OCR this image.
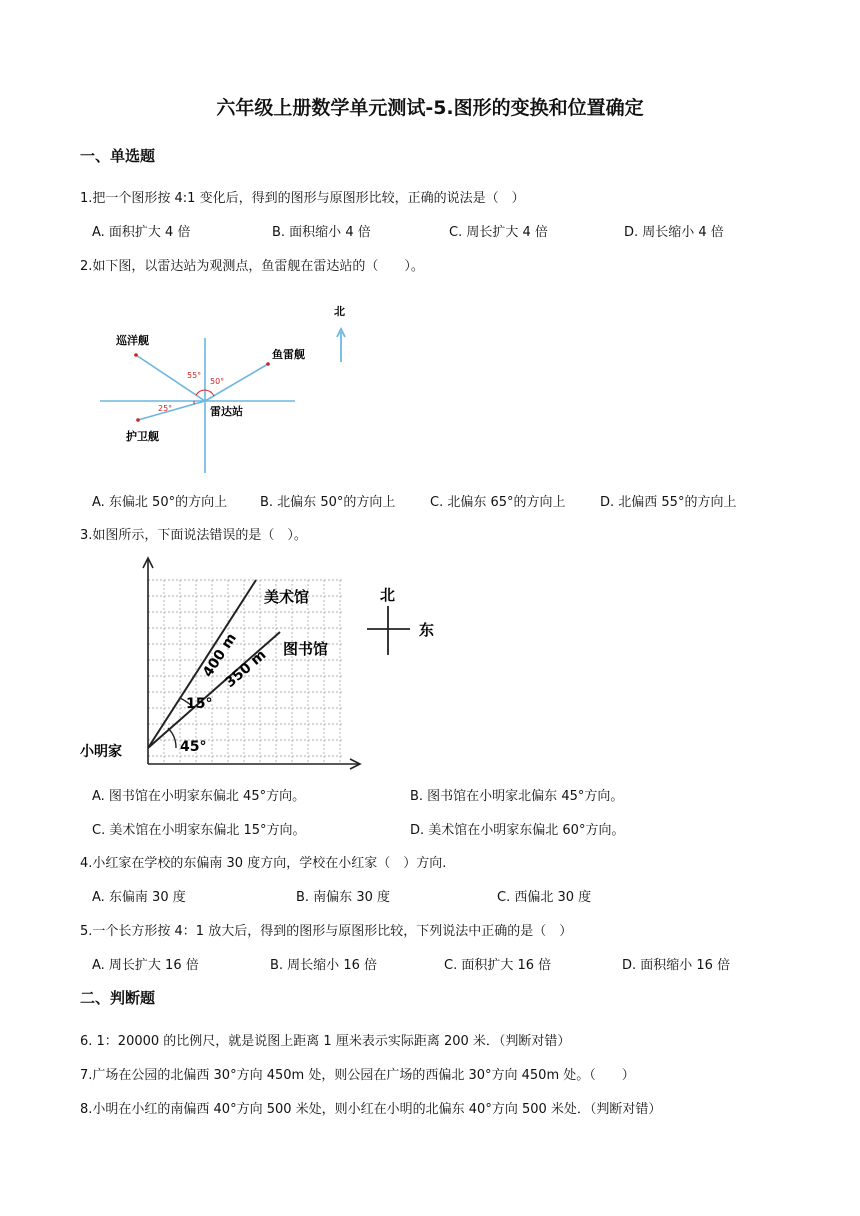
六年级上册数学单元测试-5.图形的变换和位置确定
一、单选题
1.把一个图形按 4:1 变化后，得到的图形与原图形比较，正确的说法是（　）
A. 面积扩大 4 倍	B. 面积缩小 4 倍	C. 周长扩大 4 倍	D. 周长缩小 4 倍
2.如下图，以雷达站为观测点，鱼雷舰在雷达站的（　　）。
巡洋舰
鱼雷舰
护卫舰
雷达站
55°
50°
25°
北
A. 东偏北 50°的方向上	B. 北偏东 50°的方向上	C. 北偏东 65°的方向上	D. 北偏西 55°的方向上
3.如图所示，下面说法错误的是（　）。
美术馆
图书馆
小明家
400 m
350 m
15°
45°
北
东
A. 图书馆在小明家东偏北 45°方向。	B. 图书馆在小明家北偏东 45°方向。
C. 美术馆在小明家东偏北 15°方向。	D. 美术馆在小明家东偏北 60°方向。
4.小红家在学校的东偏南 30 度方向，学校在小红家（　）方向.
A. 东偏南 30 度	B. 南偏东 30 度	C. 西偏北 30 度
5.一个长方形按 4：1 放大后，得到的图形与原图形比较，下列说法中正确的是（　）
A. 周长扩大 16 倍	B. 周长缩小 16 倍	C. 面积扩大 16 倍	D. 面积缩小 16 倍
二、判断题
6. 1：20000 的比例尺，就是说图上距离 1 厘米表示实际距离 200 米．（判断对错）
7.广场在公园的北偏西 30°方向 450m 处，则公园在广场的西偏北 30°方向 450m 处。（　　）
8.小明在小红的南偏西 40°方向 500 米处，则小红在小明的北偏东 40°方向 500 米处．（判断对错）
